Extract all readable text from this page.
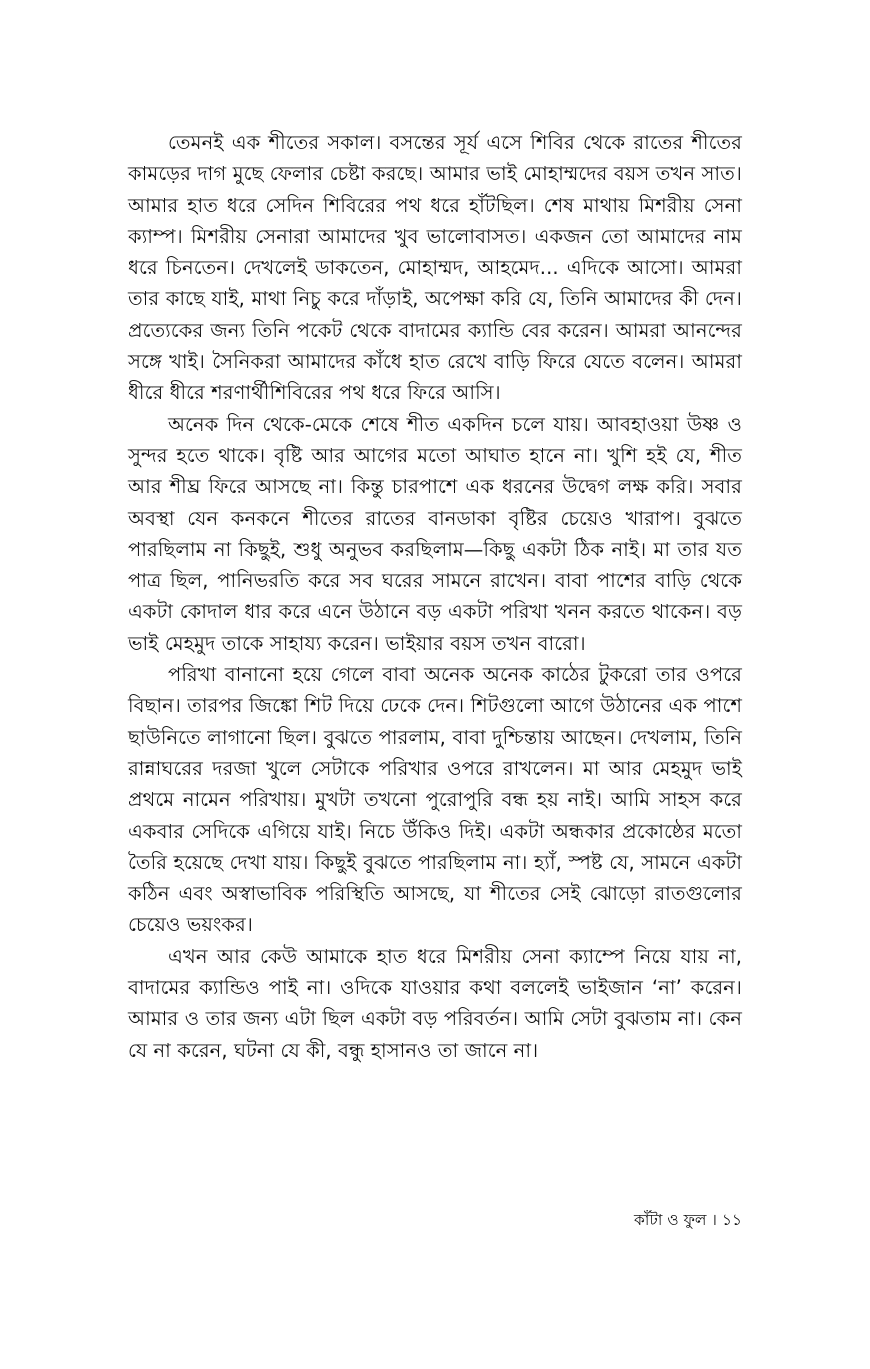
তেমনই এক শীতের সকাল। বসন্তের সূর্য এসে শিবির থেকে রাতের শীতের কামড়ের দাগ মুছে ফেলার চেষ্টা করছে। আমার ভাই মোহাম্মদের বয়স তখন সাত। আমার হাত ধরে সেদিন শিবিরের পথ ধরে হাঁটছিল। শেষ মাথায় মিশরীয় সেনা ক্যাম্প। মিশরীয় সেনারা আমাদের খুব ভালোবাসত। একজন তো আমাদের নাম ধরে চিনতেন। দেখলেই ডাকতেন, মোহাম্মদ, আহমেদ... এদিকে আসো। আমরা তার কাছে যাই, মাথা নিচু করে দাঁড়াই, অপেক্ষা করি যে, তিনি আমাদের কী দেন। প্রত্যেকের জন্য তিনি পকেট থেকে বাদামের ক্যান্ডি বের করেন। আমরা আনন্দের সঙ্গে খাই। সৈনিকরা আমাদের কাঁধে হাত রেখে বাড়ি ফিরে যেতে বলেন। আমরা ধীরে ধীরে শরণার্থীশিবিরের পথ ধরে ফিরে আসি।

অনেক দিন থেকে-মেকে শেষে শীত একদিন চলে যায়। আবহাওয়া উষ্ণ ও সুন্দর হতে থাকে। বৃষ্টি আর আগের মতো আঘাত হানে না। খুশি হই যে, শীত আর শীঘ্র ফিরে আসছে না। কিন্তু চারপাশে এক ধরনের উদ্বেগ লক্ষ করি। সবার অবস্থা যেন কনকনে শীতের রাতের বানডাকা বৃষ্টির চেয়েও খারাপ। বুঝতে পারছিলাম না কিছুই, শুধু অনুভব করছিলাম—কিছু একটা ঠিক নাই। মা তার যত পাত্র ছিল, পানিভরতি করে সব ঘরের সামনে রাখেন। বাবা পাশের বাড়ি থেকে একটা কোদাল ধার করে এনে উঠানে বড় একটা পরিখা খনন করতে থাকেন। বড় ভাই মেহমুদ তাকে সাহায্য করেন। ভাইয়ার বয়স তখন বারো।

পরিখা বানানো হয়ে গেলে বাবা অনেক অনেক কাঠের টুকরো তার ওপরে বিছান। তারপর জিঙ্কো শিট দিয়ে ঢেকে দেন। শিটগুলো আগে উঠানের এক পাশে ছাউনিতে লাগানো ছিল। বুঝতে পারলাম, বাবা দুশ্চিন্তায় আছেন। দেখলাম, তিনি রান্নাঘরের দরজা খুলে সেটাকে পরিখার ওপরে রাখলেন। মা আর মেহমুদ ভাই প্রথমে নামেন পরিখায়। মুখটা তখনো পুরোপুরি বন্ধ হয় নাই। আমি সাহস করে একবার সেদিকে এগিয়ে যাই। নিচে উঁকিও দিই। একটা অন্ধকার প্রকোষ্ঠের মতো তৈরি হয়েছে দেখা যায়। কিছুই বুঝতে পারছিলাম না। হ্যাঁ, স্পষ্ট যে, সামনে একটা কঠিন এবং অস্বাভাবিক পরিস্থিতি আসছে, যা শীতের সেই ঝোড়ো রাতগুলোর চেয়েও ভয়ংকর।

এখন আর কেউ আমাকে হাত ধরে মিশরীয় সেনা ক্যাম্পে নিয়ে যায় না, বাদামের ক্যান্ডিও পাই না। ওদিকে যাওয়ার কথা বললেই ভাইজান ‘না’ করেন। আমার ও তার জন্য এটা ছিল একটা বড় পরিবর্তন। আমি সেটা বুঝতাম না। কেন যে না করেন, ঘটনা যে কী, বন্ধু হাসানও তা জানে না।

কাঁটা ও ফুল । ১১
